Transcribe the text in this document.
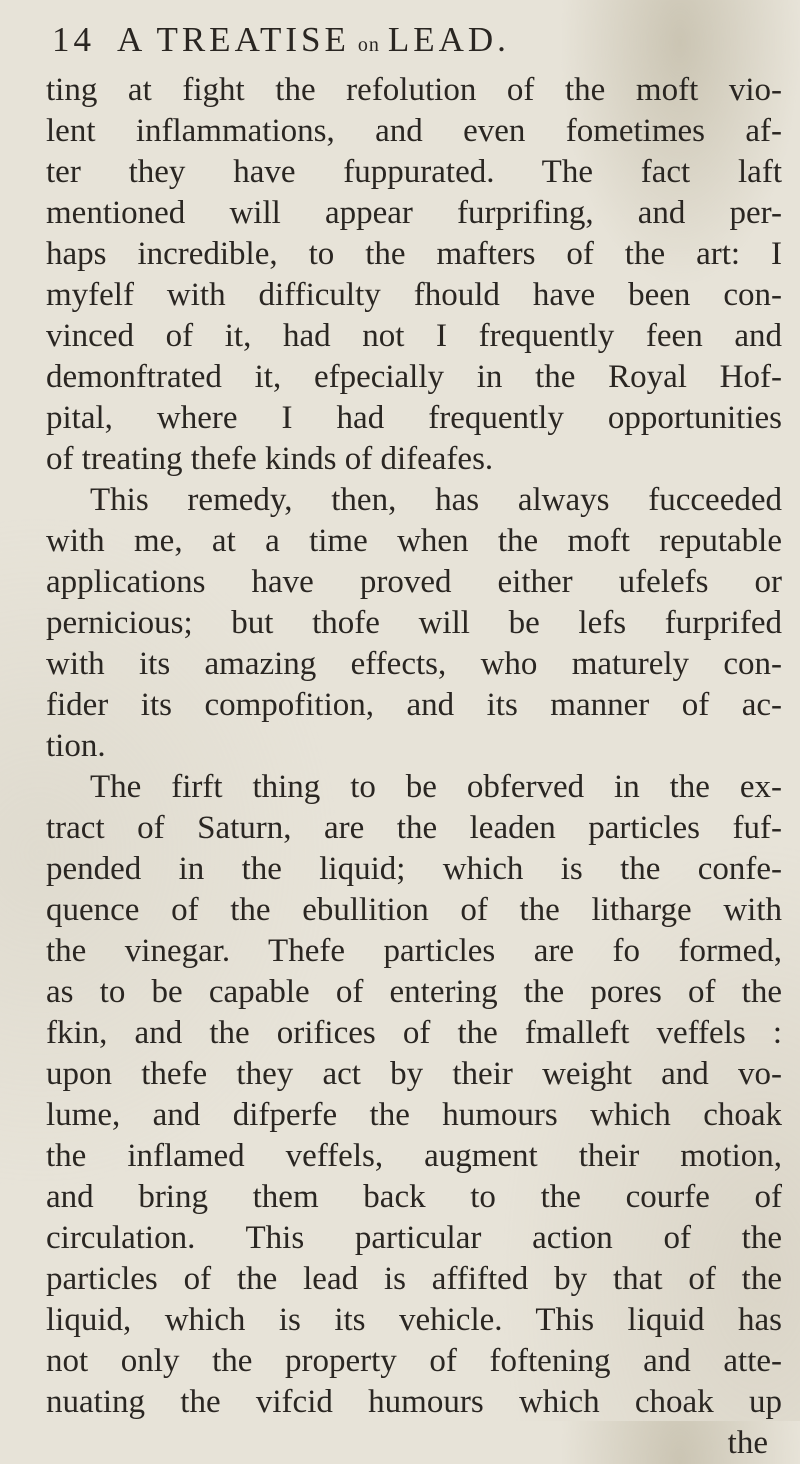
14 A TREATISE on LEAD.
ting at fight the refolution of the moft vio-
lent inflammations, and even fometimes af-
ter they have fuppurated. The fact laft
mentioned will appear furprifing, and per-
haps incredible, to the mafters of the art: I
myfelf with difficulty fhould have been con-
vinced of it, had not I frequently feen and
demonftrated it, efpecially in the Royal Hof-
pital, where I had frequently opportunities
of treating thefe kinds of difeafes.
This remedy, then, has always fucceeded
with me, at a time when the moft reputable
applications have proved either ufelefs or
pernicious; but thofe will be lefs furprifed
with its amazing effects, who maturely con-
fider its compofition, and its manner of ac-
tion.
The firft thing to be obferved in the ex-
tract of Saturn, are the leaden particles fuf-
pended in the liquid; which is the confe-
quence of the ebullition of the litharge with
the vinegar. Thefe particles are fo formed,
as to be capable of entering the pores of the
fkin, and the orifices of the fmalleft veffels :
upon thefe they act by their weight and vo-
lume, and difperfe the humours which choak
the inflamed veffels, augment their motion,
and bring them back to the courfe of
circulation. This particular action of the
particles of the lead is affifted by that of the
liquid, which is its vehicle. This liquid has
not only the property of foftening and atte-
nuating the vifcid humours which choak up
the
